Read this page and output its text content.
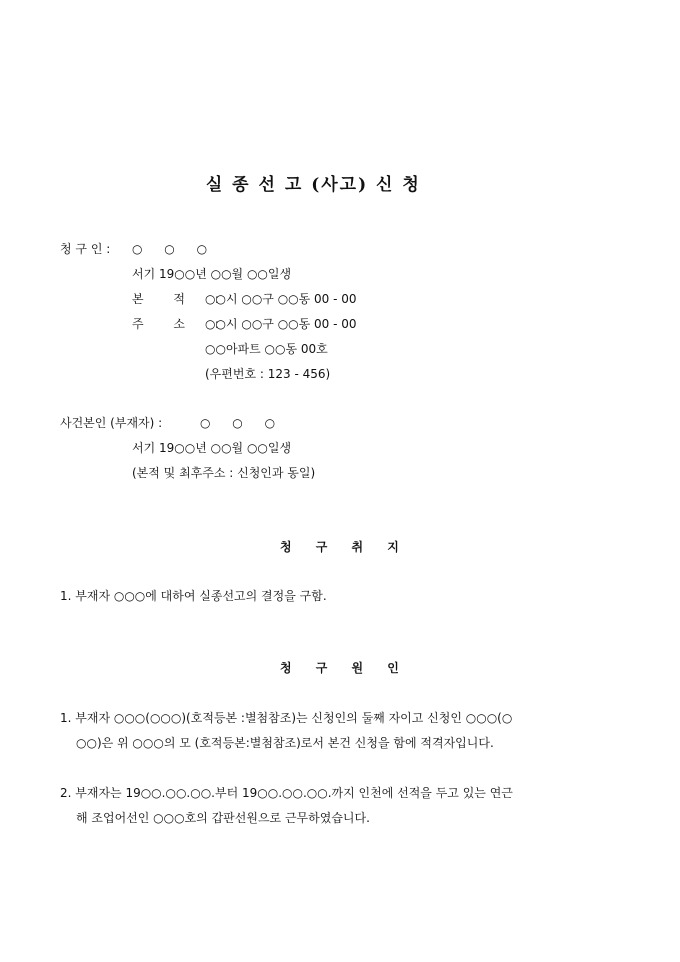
실 종 선 고 (사고) 신 청

청 구 인 : ○ ○ ○
서기 19○○년 ○○월 ○○일생
본 적 :
○○시 ○○구 ○○동 00 - 00
주 소 :
○○시 ○○구 ○○동 00 - 00
○○아파트 ○○동 00호
(우편번호 : 123 - 456)
사건본인 (부재자) :	○ ○ ○
서기 19○○년 ○○월 ○○일생
(본적 및 최후주소 : 신청인과 동일)
청 구 취 지
1. 부재자 ○○○에 대하여 실종선고의 결정을 구함.
청 구 원 인
1. 부재자 ○○○(○○○)(호적등본 :별첨참조)는 신청인의 둘째 자이고 신청인 ○○○(○
○○)은 위 ○○○의 모 (호적등본:별첨참조)로서 본건 신청을 함에 적격자입니다.
2. 부재자는 19○○.○○.○○.부터 19○○.○○.○○.까지 인천에 선적을 두고 있는 연근
해 조업어선인 ○○○호의 갑판선원으로 근무하였습니다.
